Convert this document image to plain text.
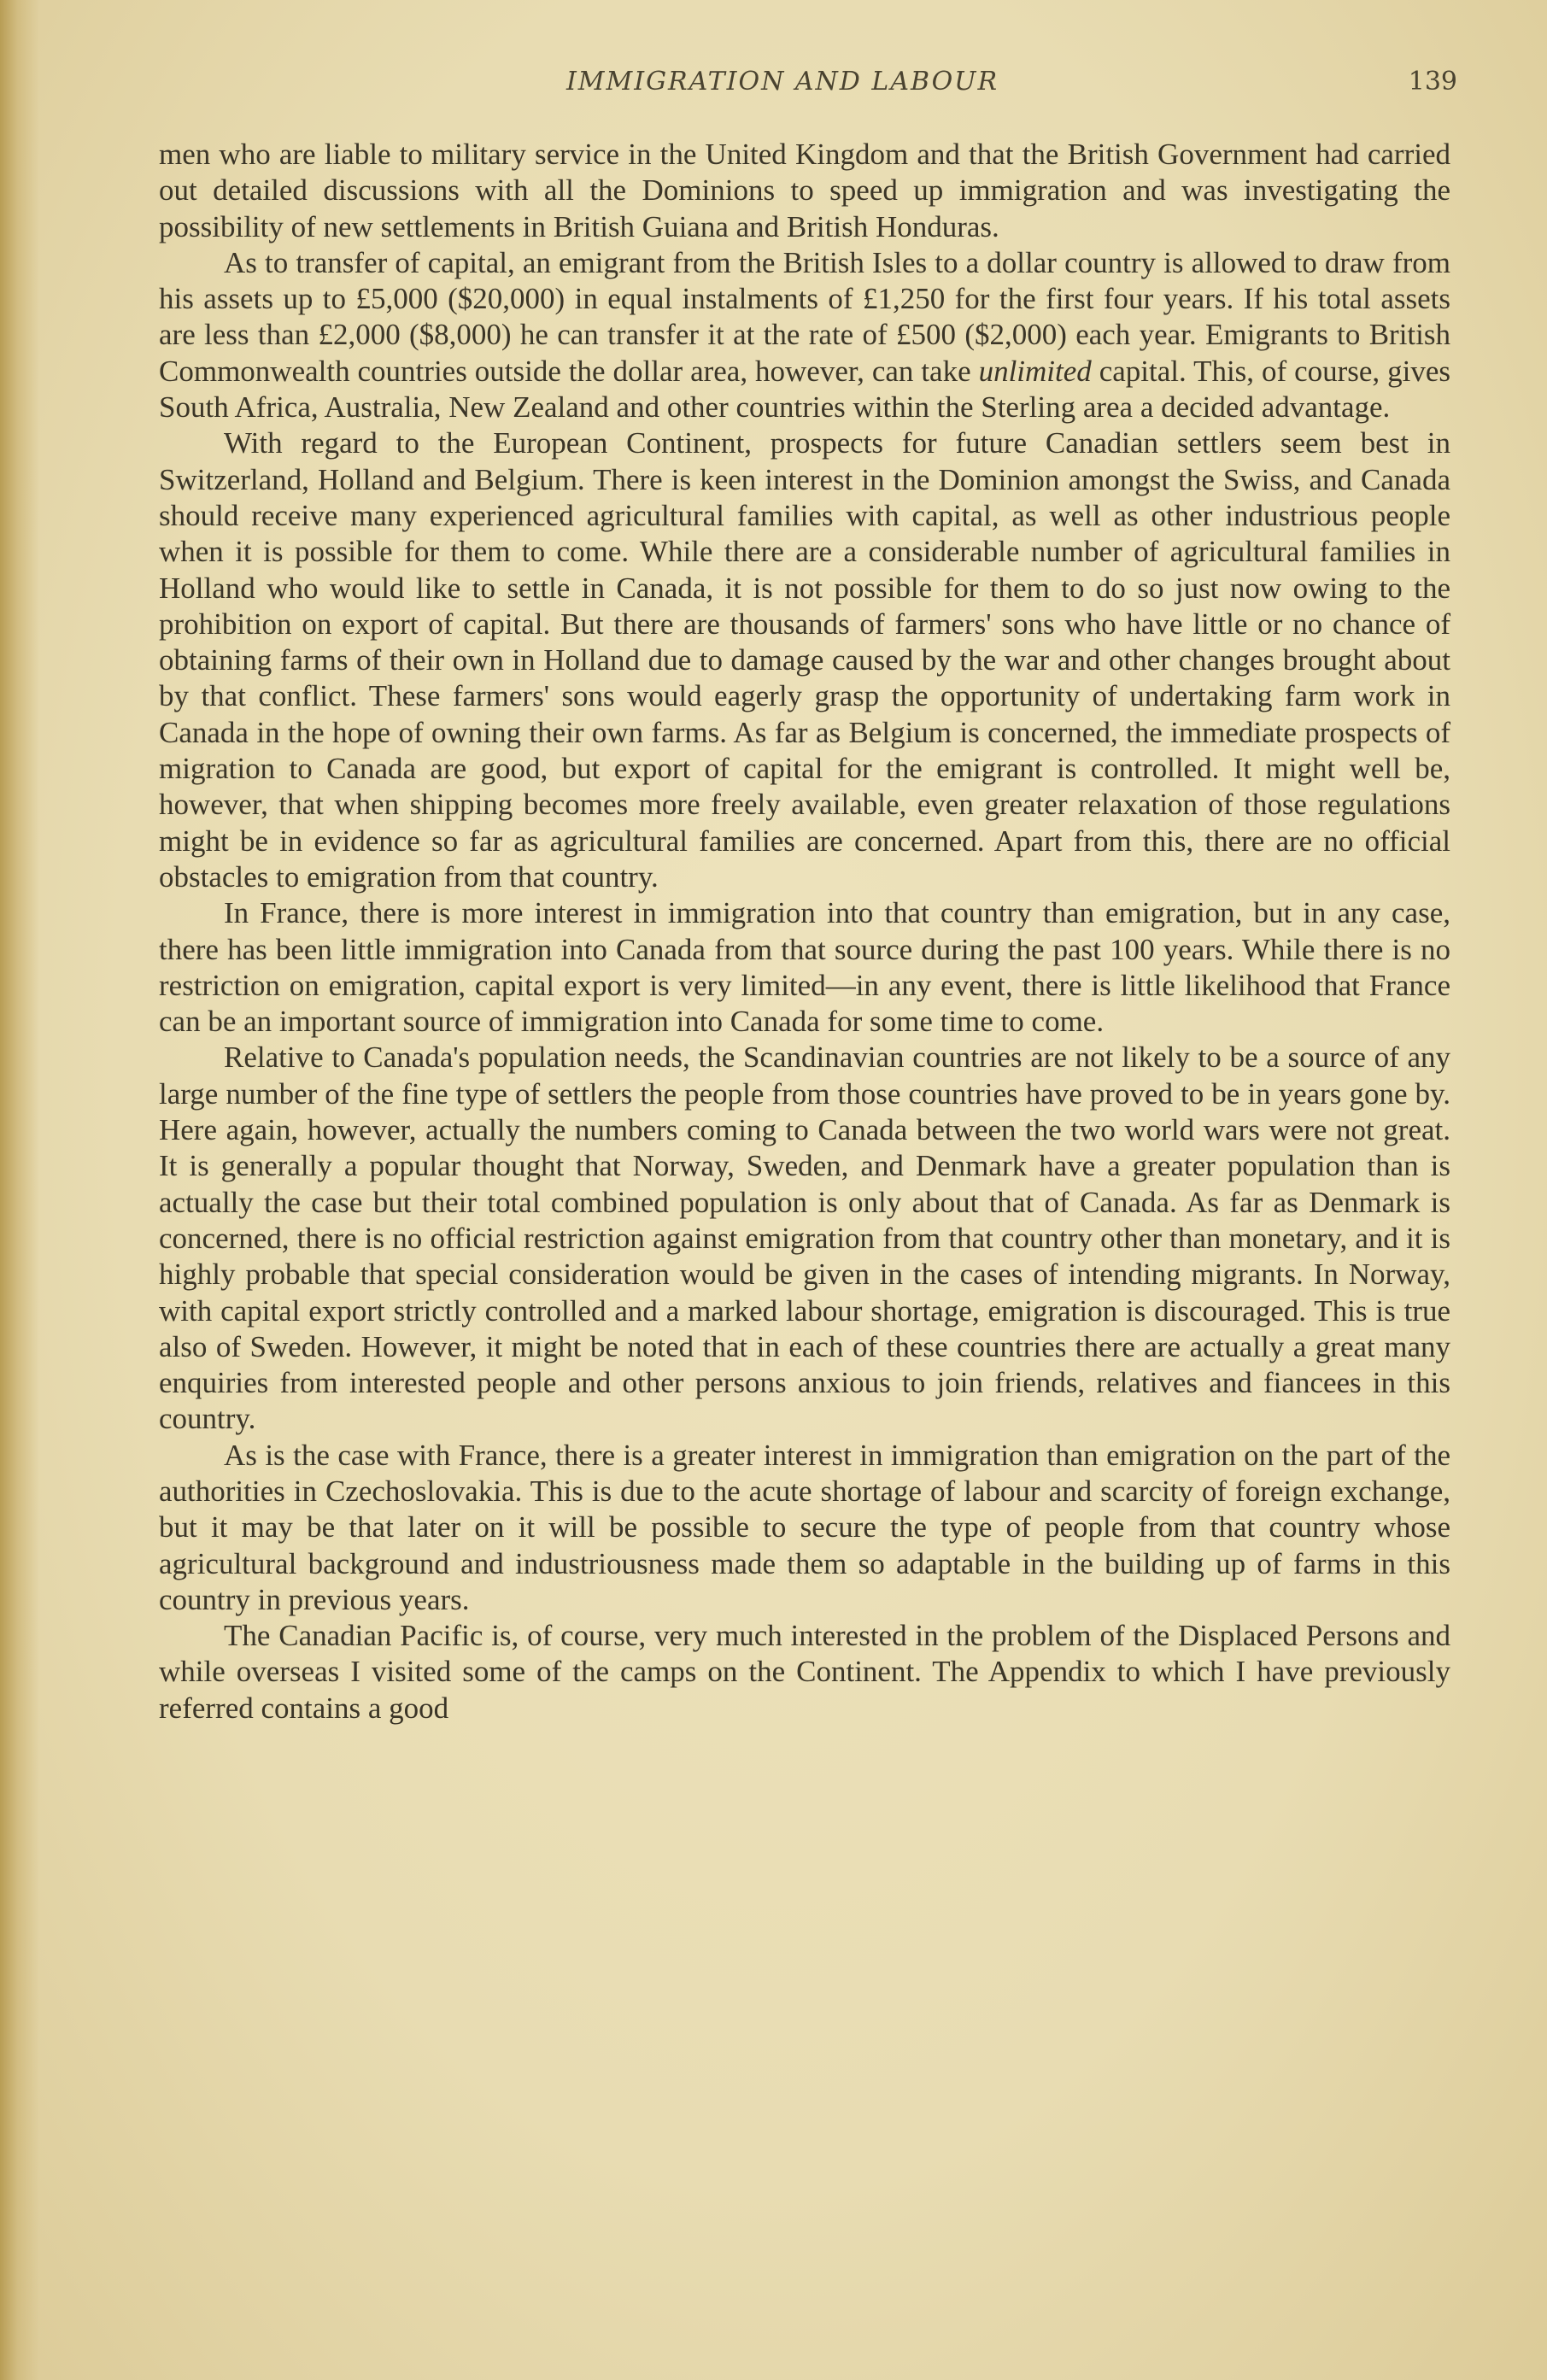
IMMIGRATION AND LABOUR	139

men who are liable to military service in the United Kingdom and that the British Government had carried out detailed discussions with all the Dominions to speed up immigration and was investigating the possibility of new settlements in British Guiana and British Honduras.

As to transfer of capital, an emigrant from the British Isles to a dollar country is allowed to draw from his assets up to £5,000 ($20,000) in equal instalments of £1,250 for the first four years. If his total assets are less than £2,000 ($8,000) he can transfer it at the rate of £500 ($2,000) each year. Emigrants to British Commonwealth countries outside the dollar area, however, can take unlimited capital. This, of course, gives South Africa, Australia, New Zealand and other countries within the Sterling area a decided advantage.

With regard to the European Continent, prospects for future Canadian settlers seem best in Switzerland, Holland and Belgium. There is keen interest in the Dominion amongst the Swiss, and Canada should receive many experienced agricultural families with capital, as well as other industrious people when it is possible for them to come. While there are a considerable number of agricultural families in Holland who would like to settle in Canada, it is not possible for them to do so just now owing to the prohibition on export of capital. But there are thousands of farmers' sons who have little or no chance of obtaining farms of their own in Holland due to damage caused by the war and other changes brought about by that conflict. These farmers' sons would eagerly grasp the opportunity of undertaking farm work in Canada in the hope of owning their own farms. As far as Belgium is concerned, the immediate prospects of migration to Canada are good, but export of capital for the emigrant is controlled. It might well be, however, that when shipping becomes more freely available, even greater relaxation of those regulations might be in evidence so far as agricultural families are concerned. Apart from this, there are no official obstacles to emigration from that country.

In France, there is more interest in immigration into that country than emigration, but in any case, there has been little immigration into Canada from that source during the past 100 years. While there is no restriction on emigration, capital export is very limited—in any event, there is little likelihood that France can be an important source of immigration into Canada for some time to come.

Relative to Canada's population needs, the Scandinavian countries are not likely to be a source of any large number of the fine type of settlers the people from those countries have proved to be in years gone by. Here again, however, actually the numbers coming to Canada between the two world wars were not great. It is generally a popular thought that Norway, Sweden, and Denmark have a greater population than is actually the case but their total combined population is only about that of Canada. As far as Denmark is concerned, there is no official restriction against emigration from that country other than monetary, and it is highly probable that special consideration would be given in the cases of intending migrants. In Norway, with capital export strictly controlled and a marked labour shortage, emigration is discouraged. This is true also of Sweden. However, it might be noted that in each of these countries there are actually a great many enquiries from interested people and other persons anxious to join friends, relatives and fiancees in this country.

As is the case with France, there is a greater interest in immigration than emigration on the part of the authorities in Czechoslovakia. This is due to the acute shortage of labour and scarcity of foreign exchange, but it may be that later on it will be possible to secure the type of people from that country whose agricultural background and industriousness made them so adaptable in the building up of farms in this country in previous years.

The Canadian Pacific is, of course, very much interested in the problem of the Displaced Persons and while overseas I visited some of the camps on the Continent. The Appendix to which I have previously referred contains a good
